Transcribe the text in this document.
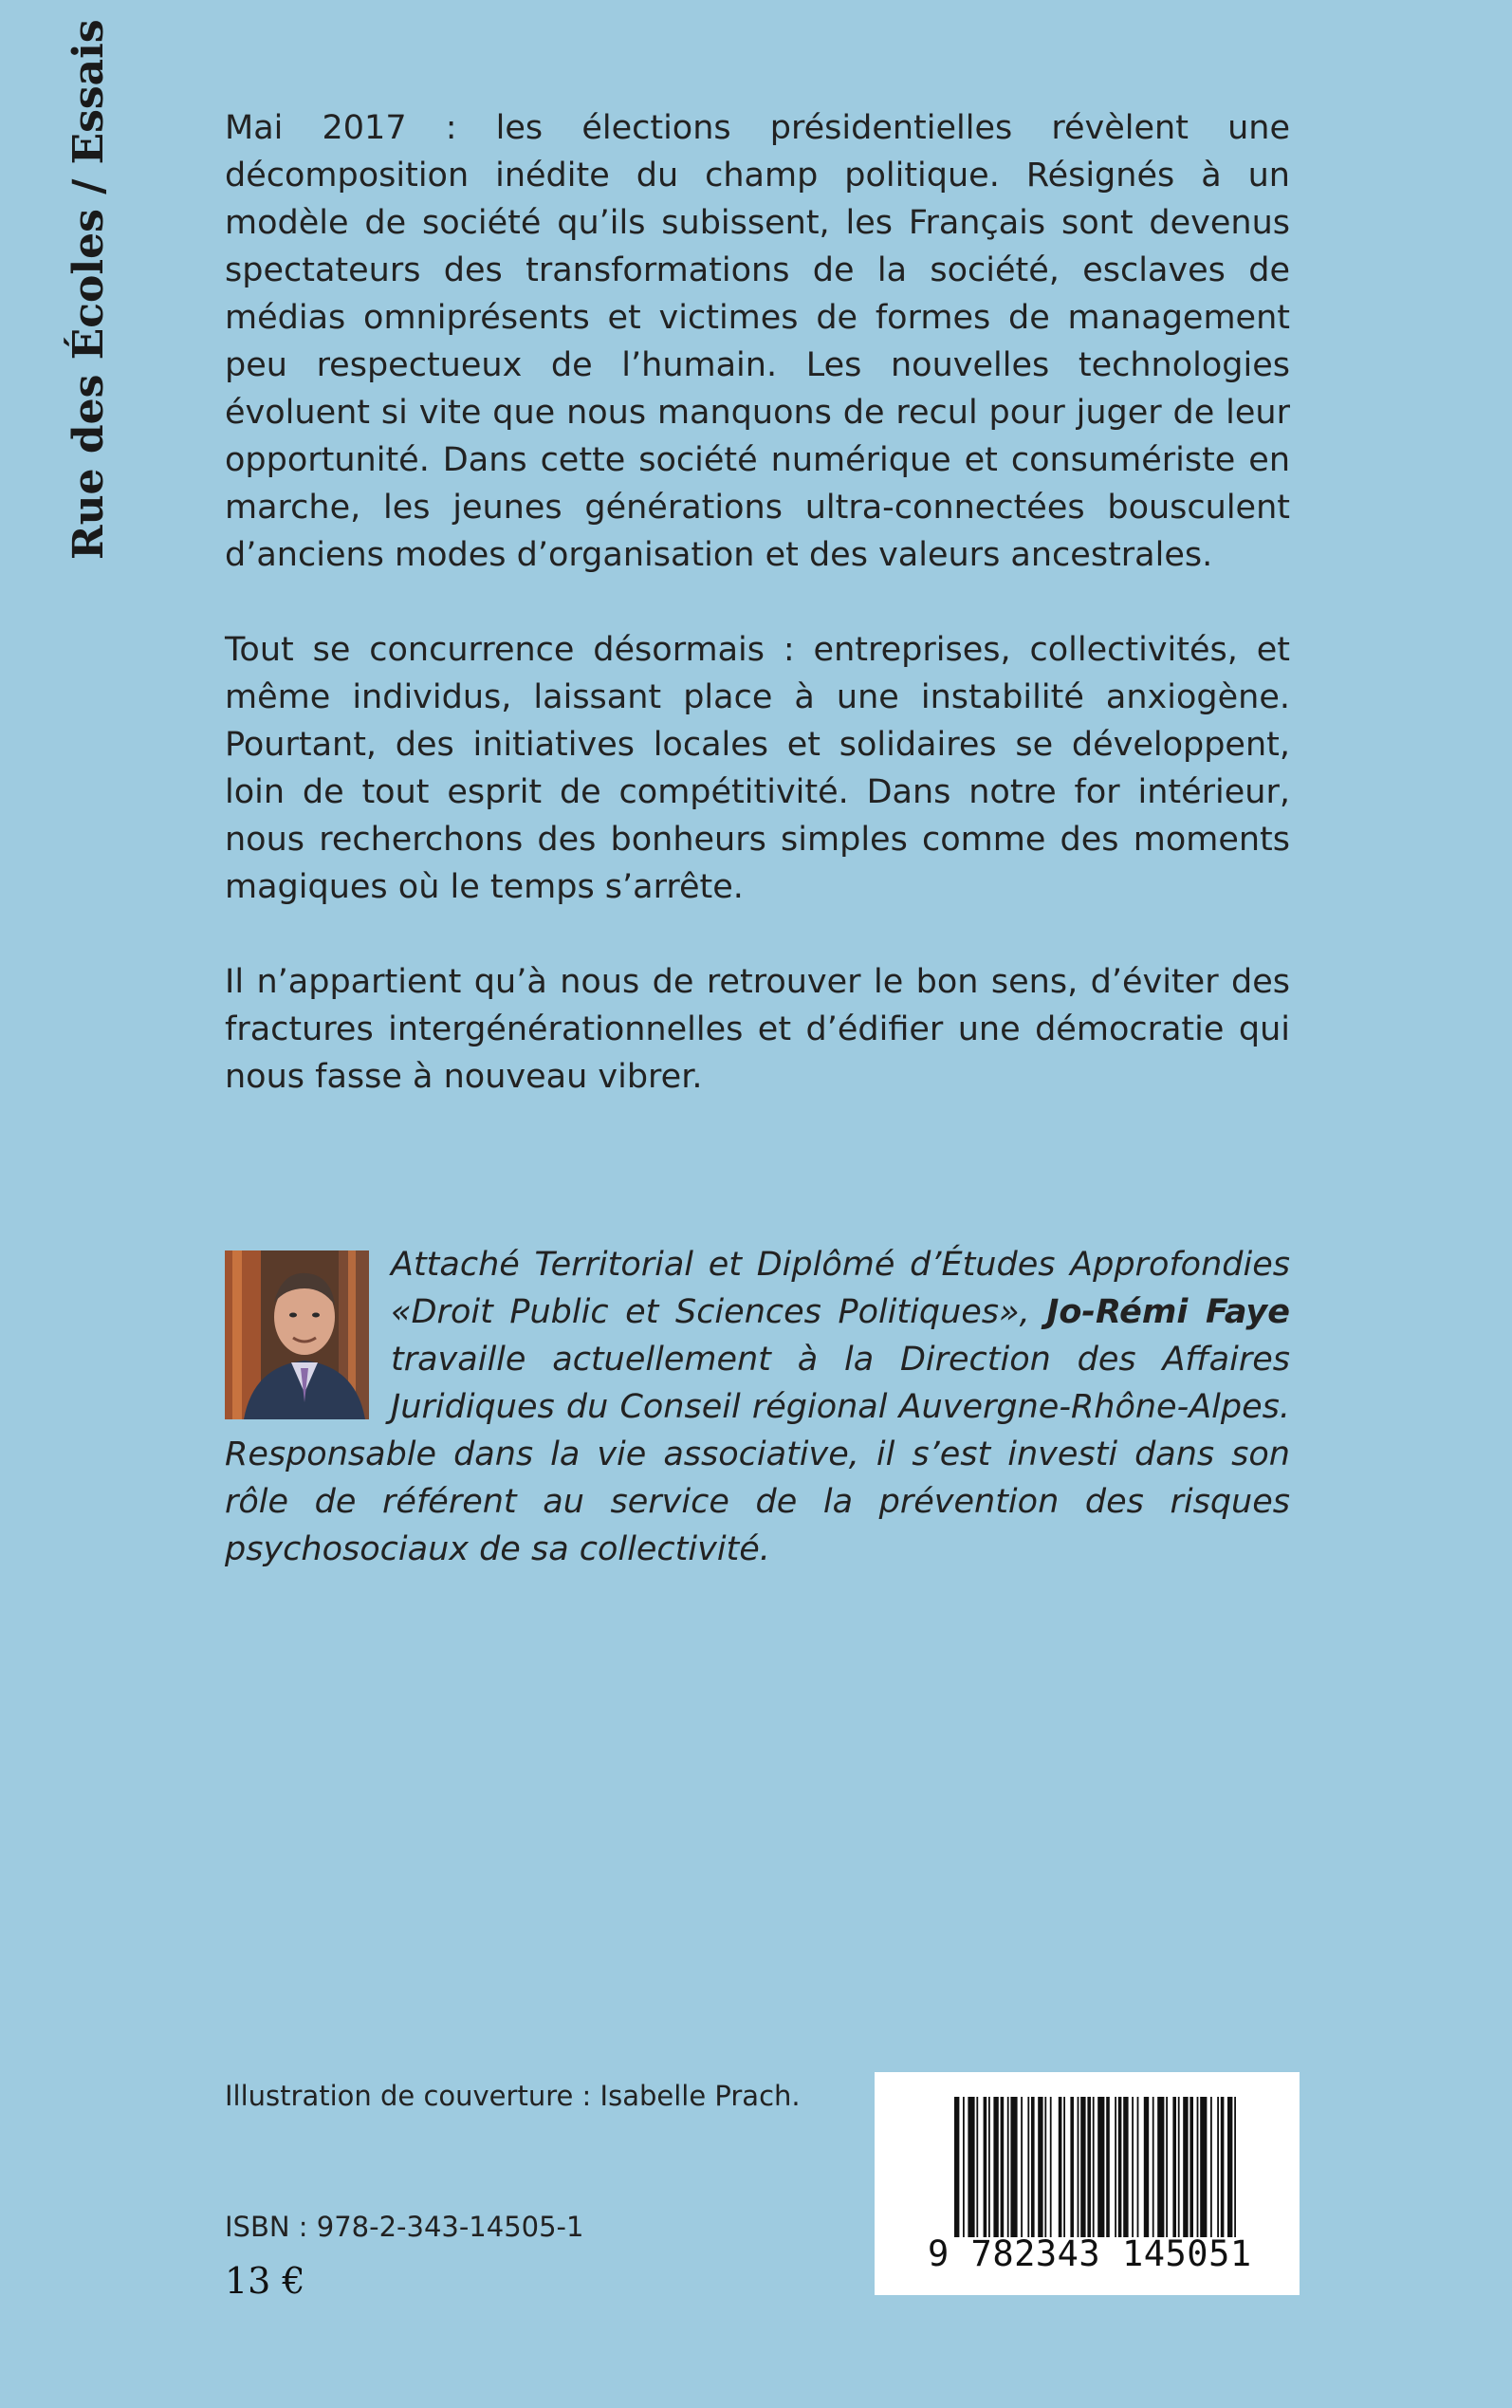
Rue des Écoles / Essais	Mai 2017 : les élections présidentielles révèlent une décomposition inédite du champ politique. Résignés à un modèle de société qu’ils subissent, les Français sont devenus spectateurs des transformations de la société, esclaves de médias omniprésents et victimes de formes de management peu respectueux de l’humain. Les nouvelles technologies évoluent si vite que nous manquons de recul pour juger de leur opportunité. Dans cette société numérique et consumériste en marche, les jeunes générations ultra-connectées bousculent d’anciens modes d’organisation et des valeurs ancestrales.

Tout se concurrence désormais : entreprises, collectivités, et même individus, laissant place à une instabilité anxiogène. Pourtant, des initiatives locales et solidaires se développent, loin de tout esprit de compétitivité. Dans notre for intérieur, nous recherchons des bonheurs simples comme des moments magiques où le temps s’arrête.

Il n’appartient qu’à nous de retrouver le bon sens, d’éviter des fractures intergénérationnelles et d’édifier une démocratie qui nous fasse à nouveau vibrer.

Attaché Territorial et Diplômé d’Études Approfondies «Droit Public et Sciences Politiques», Jo-Rémi Faye travaille actuellement à la Direction des Affaires Juridiques du Conseil régional Auvergne-Rhône-Alpes. Responsable dans la vie associative, il s’est investi dans son rôle de référent au service de la prévention des risques psychosociaux de sa collectivité.

Illustration de couverture : Isabelle Prach.
ISBN : 978-2-343-14505-1
13 €
9 782343 145051
